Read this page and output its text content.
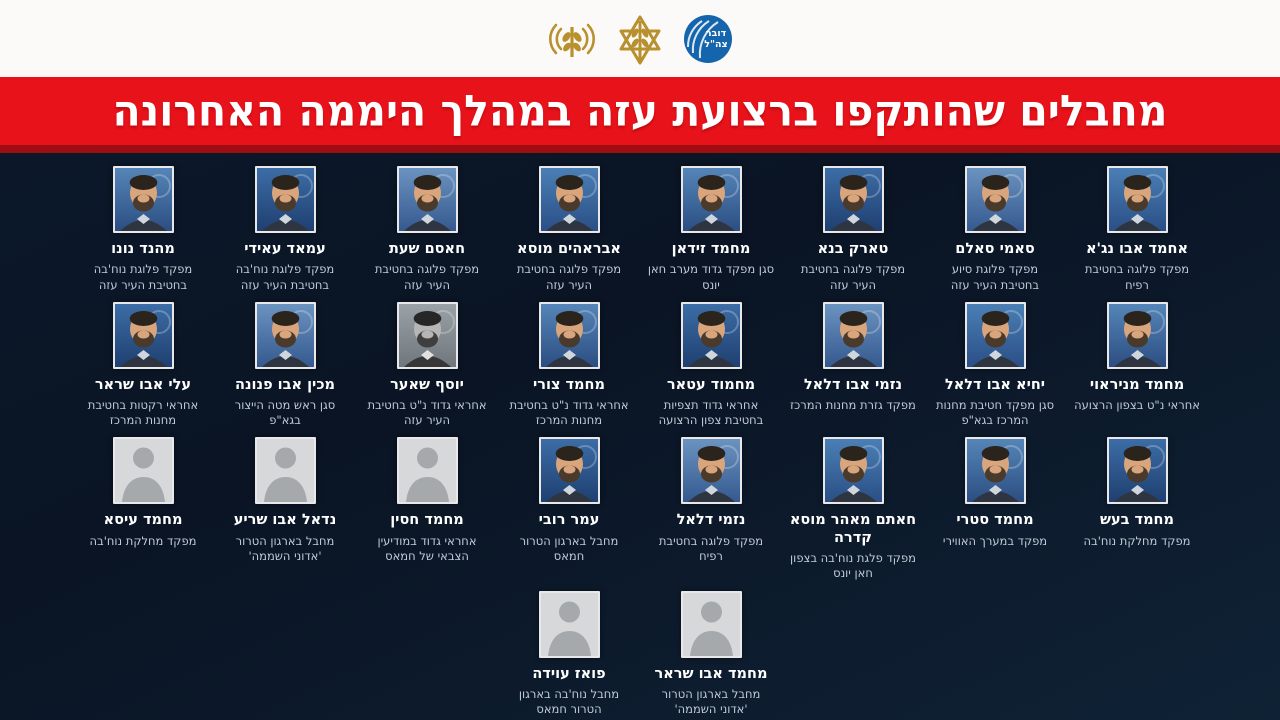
דובר
צה"ל
מחבלים שהותקפו ברצועת עזה במהלך היממה האחרונה
אחמד אבו נג'א
מפקד פלוגה בחטיבת רפיח
סאמי סאלם
מפקד פלוגת סיוע בחטיבת העיר עזה
טארק בנא
מפקד פלוגה בחטיבת העיר עזה
מחמד זידאן
סגן מפקד גדוד מערב חאן יונס
אבראהים מוסא
מפקד פלוגה בחטיבת העיר עזה
חאסם שעת
מפקד פלוגה בחטיבת העיר עזה
עמאד עאידי
מפקד פלוגת נוח'בה בחטיבת העיר עזה
מהנד נונו
מפקד פלוגת נוח'בה בחטיבת העיר עזה
מחמד מניראוי
אחראי נ"ט בצפון הרצועה
יחיא אבו דלאל
סגן מפקד חטיבת מחנות המרכז בגא"פ
נזמי אבו דלאל
מפקד גזרת מחנות המרכז
מחמוד עטאר
אחראי גדוד תצפיות בחטיבת צפון הרצועה
מחמד צורי
אחראי גדוד נ"ט בחטיבת מחנות המרכז
יוסף שאער
אחראי גדוד נ"ט בחטיבת העיר עזה
מכין אבו פנונה
סגן ראש מטה הייצור בגא"פ
עלי אבו שראר
אחראי רקטות בחטיבת מחנות המרכז
מחמד בעש
מפקד מחלקת נוח'בה
מחמד סטרי
מפקד במערך האווירי
חאתם מאהר מוסא קדרה
מפקד פלגת נוח'בה בצפון חאן יונס
נזמי דלאל
מפקד פלוגה בחטיבת רפיח
עמר רובי
מחבל בארגון הטרור חמאס
מחמד חסין
אחראי גדוד במודיעין הצבאי של חמאס
נדאל אבו שריע
מחבל בארגון הטרור 'אדוני השממה'
מחמד עיסא
מפקד מחלקת נוח'בה
מחמד אבו שראר
מחבל בארגון הטרור 'אדוני השממה'
פואז עוידה
מחבל נוח'בה בארגון הטרור חמאס
